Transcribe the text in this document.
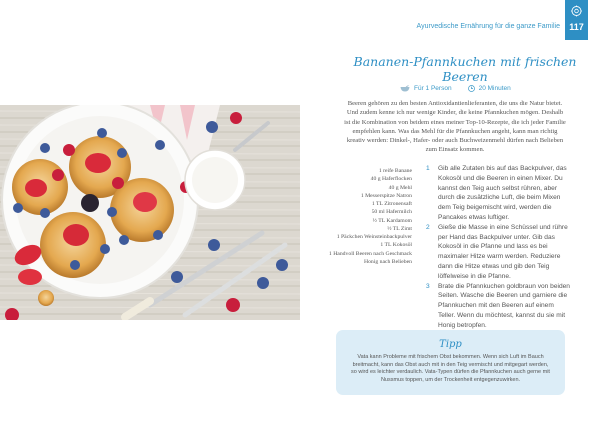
Ayurvedische Ernährung für die ganze Familie	117
Bananen-Pfannkuchen mit frischen Beeren
Für 1 Person	20 Minuten

Beeren gehören zu den besten Antioxidantienlieferanten, die uns die Natur bietet. Und zudem kenne ich nur wenige Kinder, die keine Pfannkuchen mögen. Deshalb ist die Kombination von beidem eines meiner Top-10-Rezepte, die ich jeder Familie empfehlen kann. Was das Mehl für die Pfannkuchen angeht, kann man richtig kreativ werden: Dinkel-, Hafer- oder auch Buchweizenmehl dürfen nach Belieben zum Einsatz kommen.

1 reife Banane
40 g Haferflocken
40 g Mehl
1 Messerspitze Natron
1 TL Zitronensaft
50 ml Hafermilch
½ TL Kardamom
½ TL Zimt
1 Päckchen Weinsteinbackpulver
1 TL Kokosöl
1 Handvoll Beeren nach Geschmack
Honig nach Belieben
1 Gib alle Zutaten bis auf das Backpulver, das Kokosöl und die Beeren in einen Mixer. Du kannst den Teig auch selbst rühren, aber durch die zusätzliche Luft, die beim Mixen dem Teig beigemischt wird, werden die Pancakes etwas luftiger.
2 Gieße die Masse in eine Schüssel und rühre per Hand das Backpulver unter. Gib das Kokosöl in die Pfanne und lass es bei maximaler Hitze warm werden. Reduziere dann die Hitze etwas und gib den Teig löffelweise in die Pfanne.
3 Brate die Pfannkuchen goldbraun von beiden Seiten. Wasche die Beeren und garniere die Pfannkuchen mit den Beeren auf einem Teller. Wenn du möchtest, kannst du sie mit Honig betropfen.
Tipp

Vata kann Probleme mit frischem Obst bekommen. Wenn sich Luft im Bauch breitmacht, kann das Obst auch mit in den Teig vermischt und mitgegart werden, so wird es leichter verdaulich. Vata-Typen dürfen die Pfannkuchen auch gerne mit Nussmus toppen, um der Trockenheit entgegenzuwirken.
